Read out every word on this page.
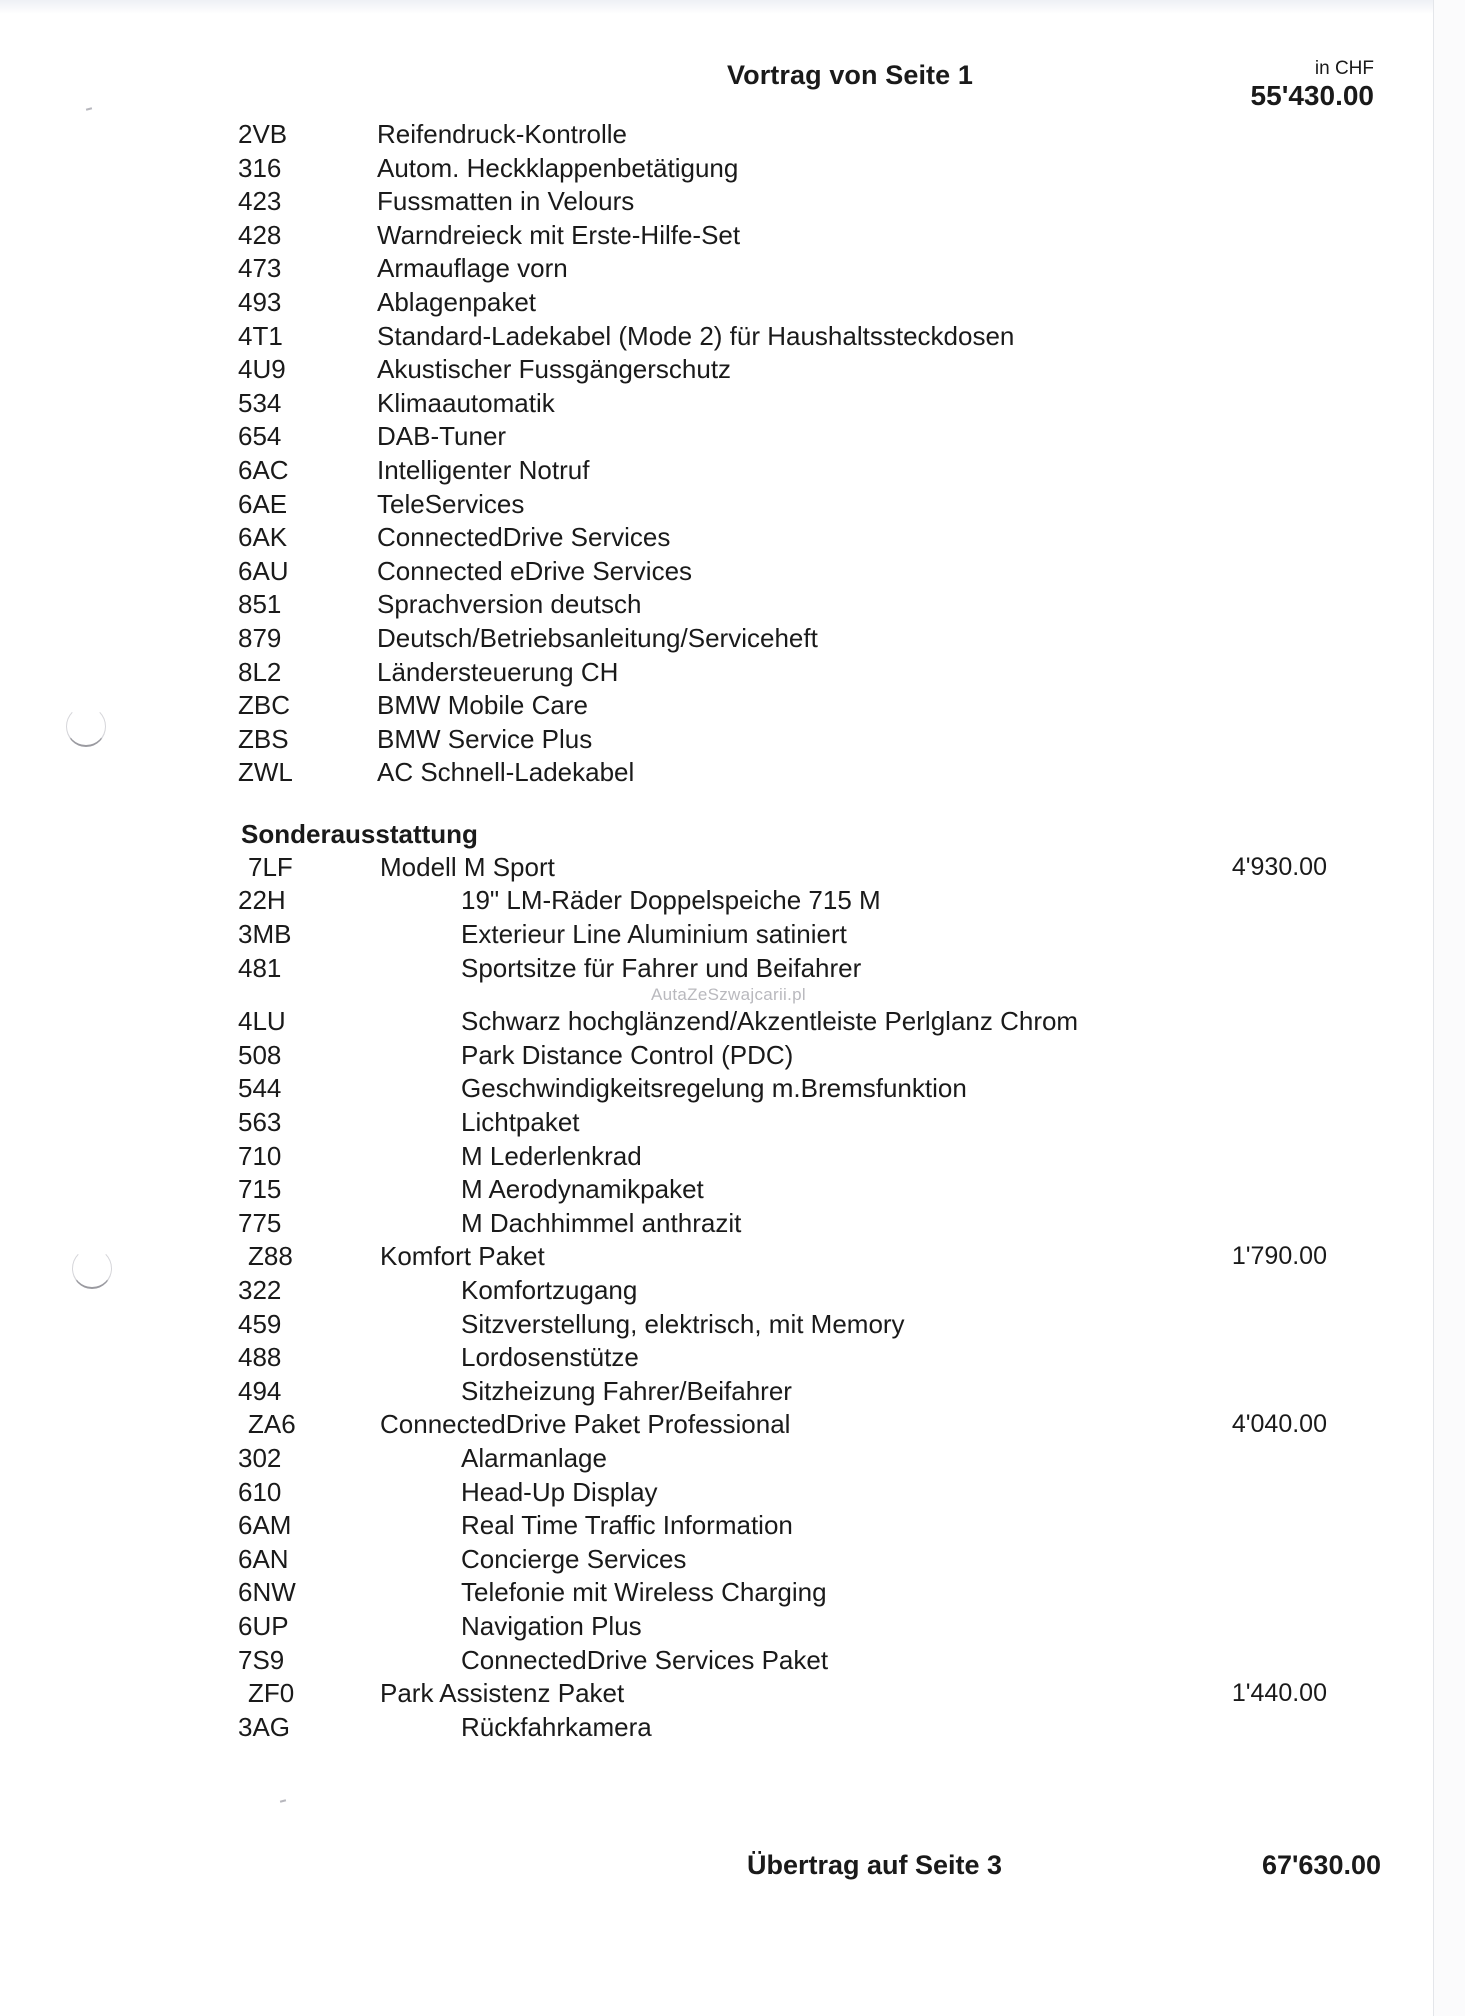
Vortrag von Seite 1	in CHF
55'430.00
2VB	Reifendruck-Kontrolle
316	Autom. Heckklappenbetätigung
423	Fussmatten in Velours
428	Warndreieck mit Erste-Hilfe-Set
473	Armauflage vorn
493	Ablagenpaket
4T1	Standard-Ladekabel (Mode 2) für Haushaltssteckdosen
4U9	Akustischer Fussgängerschutz
534	Klimaautomatik
654	DAB-Tuner
6AC	Intelligenter Notruf
6AE	TeleServices
6AK	ConnectedDrive Services
6AU	Connected eDrive Services
851	Sprachversion deutsch
879	Deutsch/Betriebsanleitung/Serviceheft
8L2	Ländersteuerung CH
ZBC	BMW Mobile Care
ZBS	BMW Service Plus
ZWL	AC Schnell-Ladekabel
Sonderausstattung
7LF	Modell M Sport	4'930.00
22H	19" LM-Räder Doppelspeiche 715 M
3MB	Exterieur Line Aluminium satiniert
481	Sportsitze für Fahrer und Beifahrer
AutaZeSzwajcarii.pl
4LU	Schwarz hochglänzend/Akzentleiste Perlglanz Chrom
508	Park Distance Control (PDC)
544	Geschwindigkeitsregelung m.Bremsfunktion
563	Lichtpaket
710	M Lederlenkrad
715	M Aerodynamikpaket
775	M Dachhimmel anthrazit
Z88	Komfort Paket	1'790.00
322	Komfortzugang
459	Sitzverstellung, elektrisch, mit Memory
488	Lordosenstütze
494	Sitzheizung Fahrer/Beifahrer
ZA6	ConnectedDrive Paket Professional	4'040.00
302	Alarmanlage
610	Head-Up Display
6AM	Real Time Traffic Information
6AN	Concierge Services
6NW	Telefonie mit Wireless Charging
6UP	Navigation Plus
7S9	ConnectedDrive Services Paket
ZF0	Park Assistenz Paket	1'440.00
3AG	Rückfahrkamera
Übertrag auf Seite 3	67'630.00
